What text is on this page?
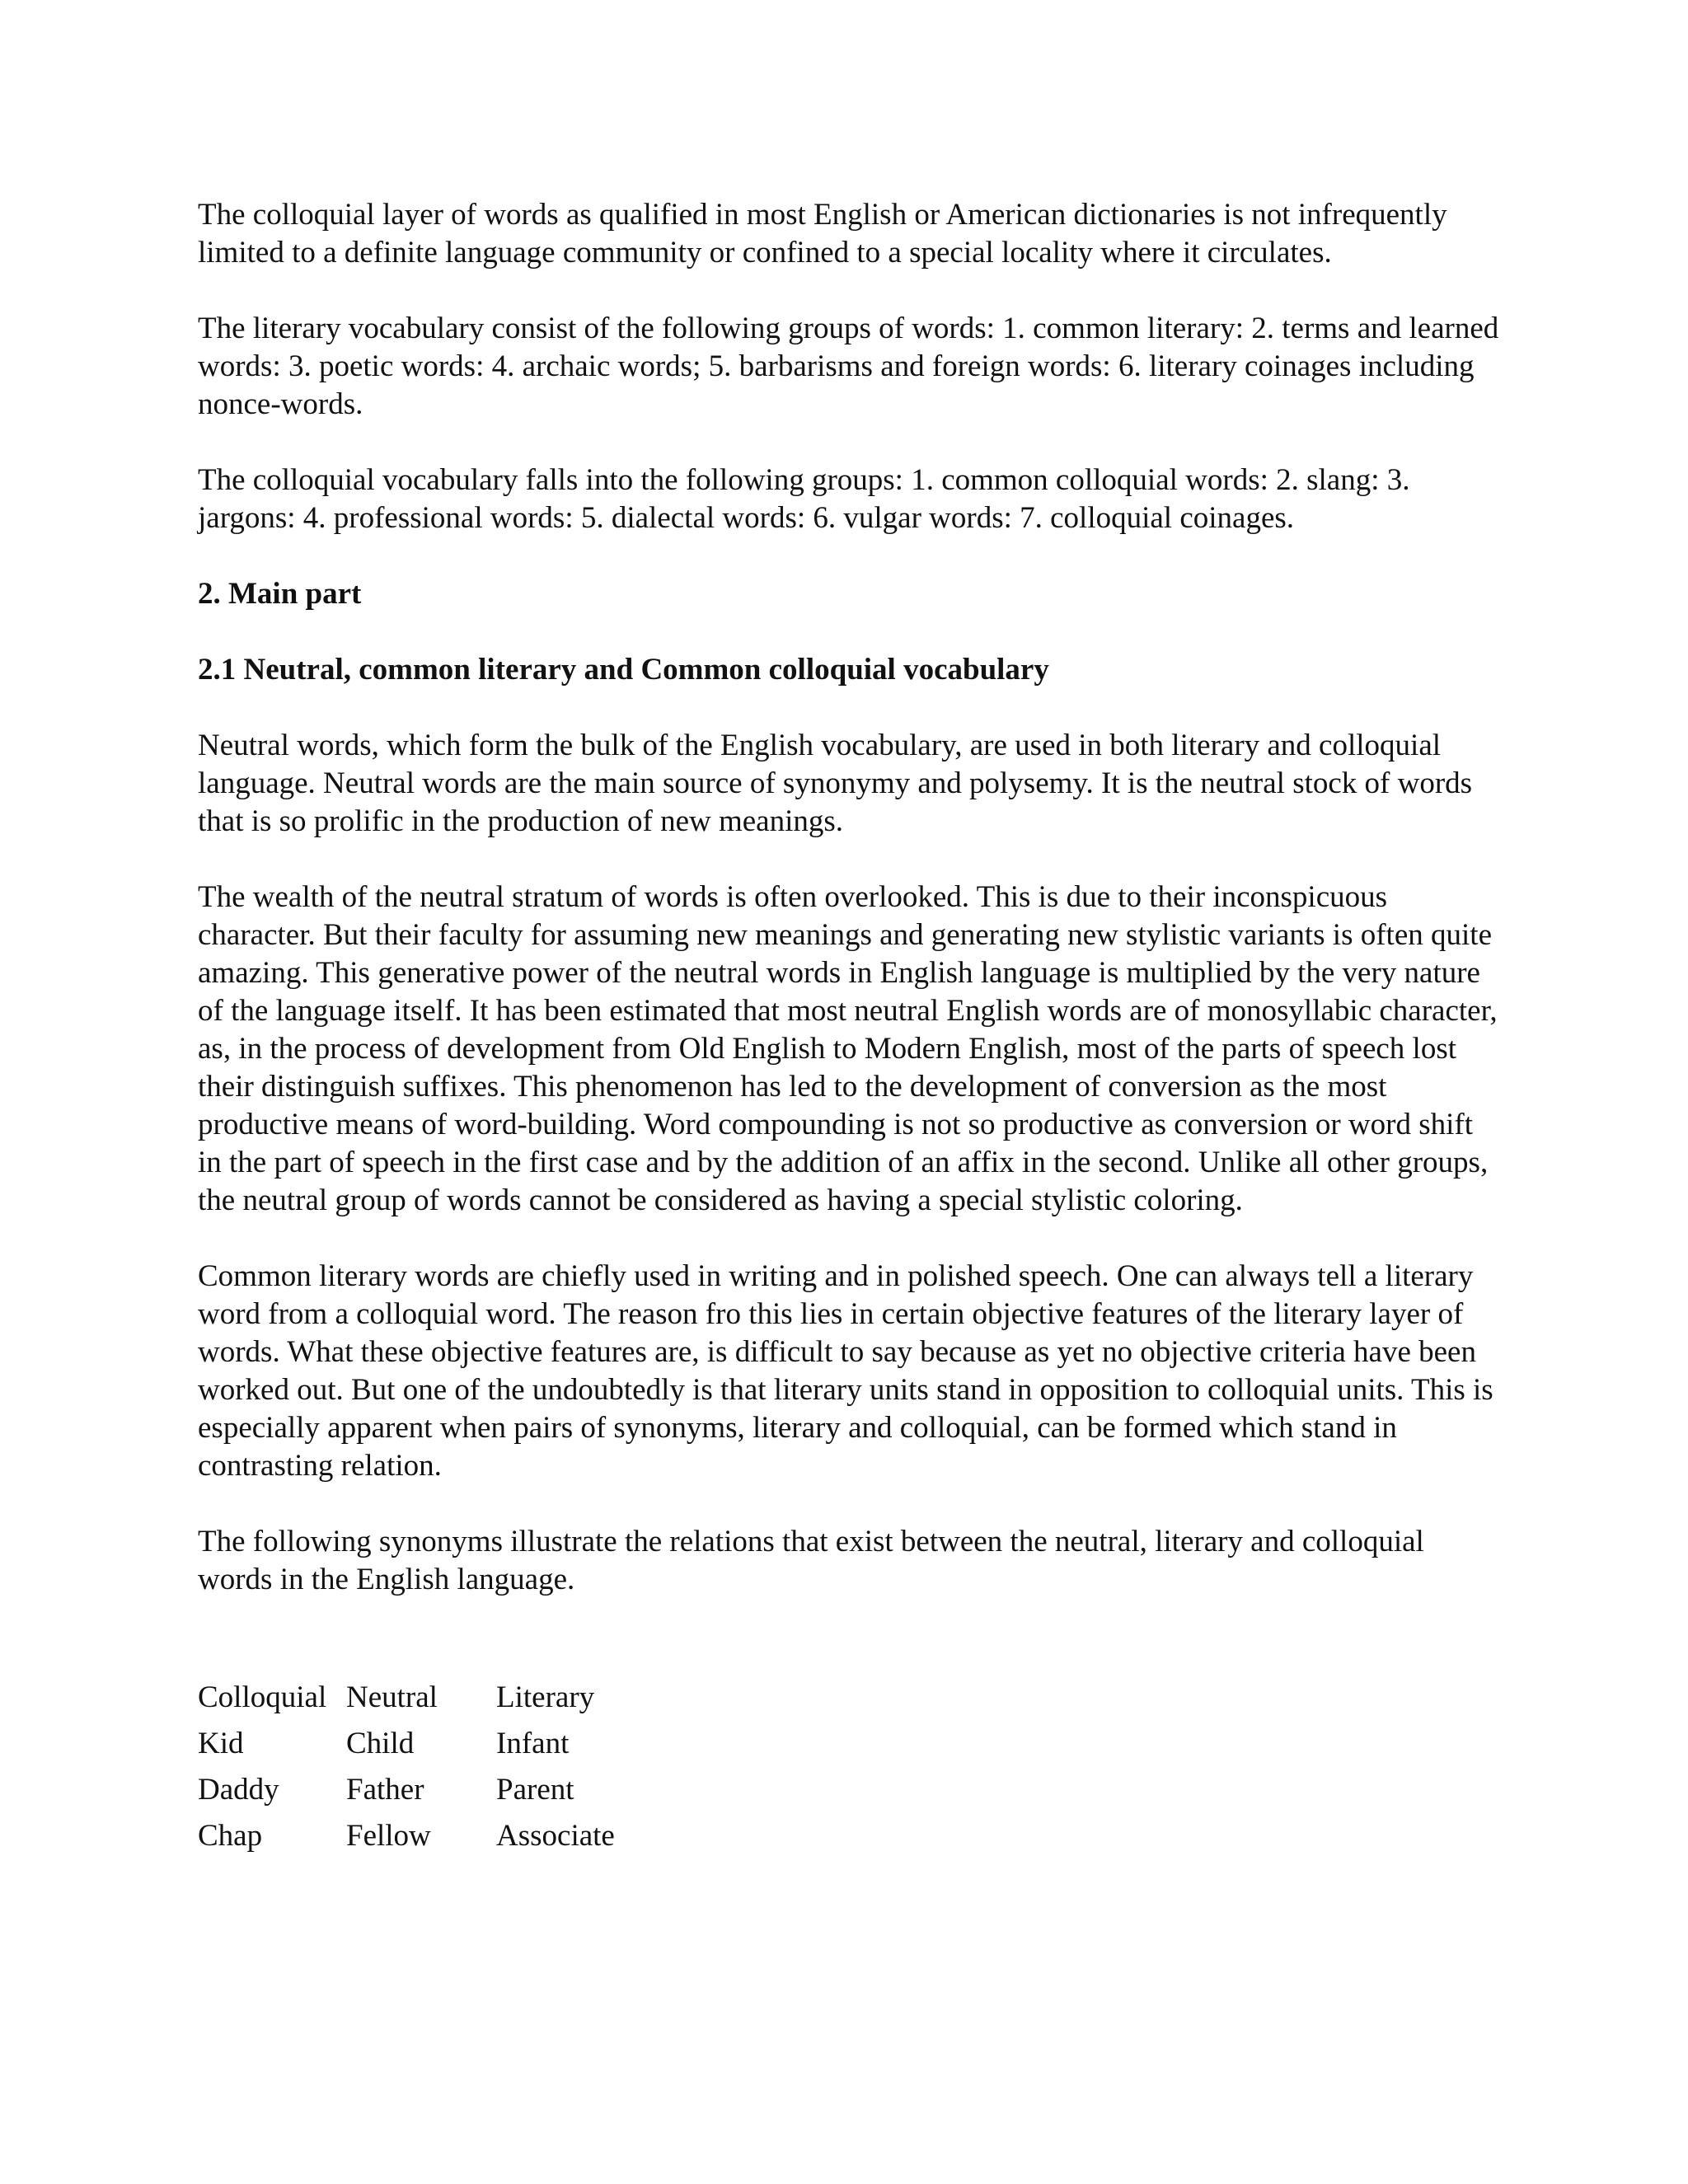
The colloquial layer of words as qualified in most English or American dictionaries is not infrequently limited to a definite language community or confined to a special locality where it circulates.

The literary vocabulary consist of the following groups of words: 1. common literary: 2. terms and learned words: 3. poetic words: 4. archaic words; 5. barbarisms and foreign words: 6. literary coinages including nonce-words.

The colloquial vocabulary falls into the following groups: 1. common colloquial words: 2. slang: 3. jargons: 4. professional words: 5. dialectal words: 6. vulgar words: 7. colloquial coinages.

2. Main part

2.1 Neutral, common literary and Common colloquial vocabulary

Neutral words, which form the bulk of the English vocabulary, are used in both literary and colloquial language. Neutral words are the main source of synonymy and polysemy. It is the neutral stock of words that is so prolific in the production of new meanings.

The wealth of the neutral stratum of words is often overlooked. This is due to their inconspicuous character. But their faculty for assuming new meanings and generating new stylistic variants is often quite amazing. This generative power of the neutral words in English language is multiplied by the very nature of the language itself. It has been estimated that most neutral English words are of monosyllabic character, as, in the process of development from Old English to Modern English, most of the parts of speech lost their distinguish suffixes. This phenomenon has led to the development of conversion as the most productive means of word-building. Word compounding is not so productive as conversion or word shift in the part of speech in the first case and by the addition of an affix in the second. Unlike all other groups, the neutral group of words cannot be considered as having a special stylistic coloring.

Common literary words are chiefly used in writing and in polished speech. One can always tell a literary word from a colloquial word. The reason fro this lies in certain objective features of the literary layer of words. What these objective features are, is difficult to say because as yet no objective criteria have been worked out. But one of the undoubtedly is that literary units stand in opposition to colloquial units. This is especially apparent when pairs of synonyms, literary and colloquial, can be formed which stand in contrasting relation.

The following synonyms illustrate the relations that exist between the neutral, literary and colloquial words in the English language.

Colloquial	Neutral	Literary
Kid	Child	Infant
Daddy	Father	Parent
Chap	Fellow	Associate
